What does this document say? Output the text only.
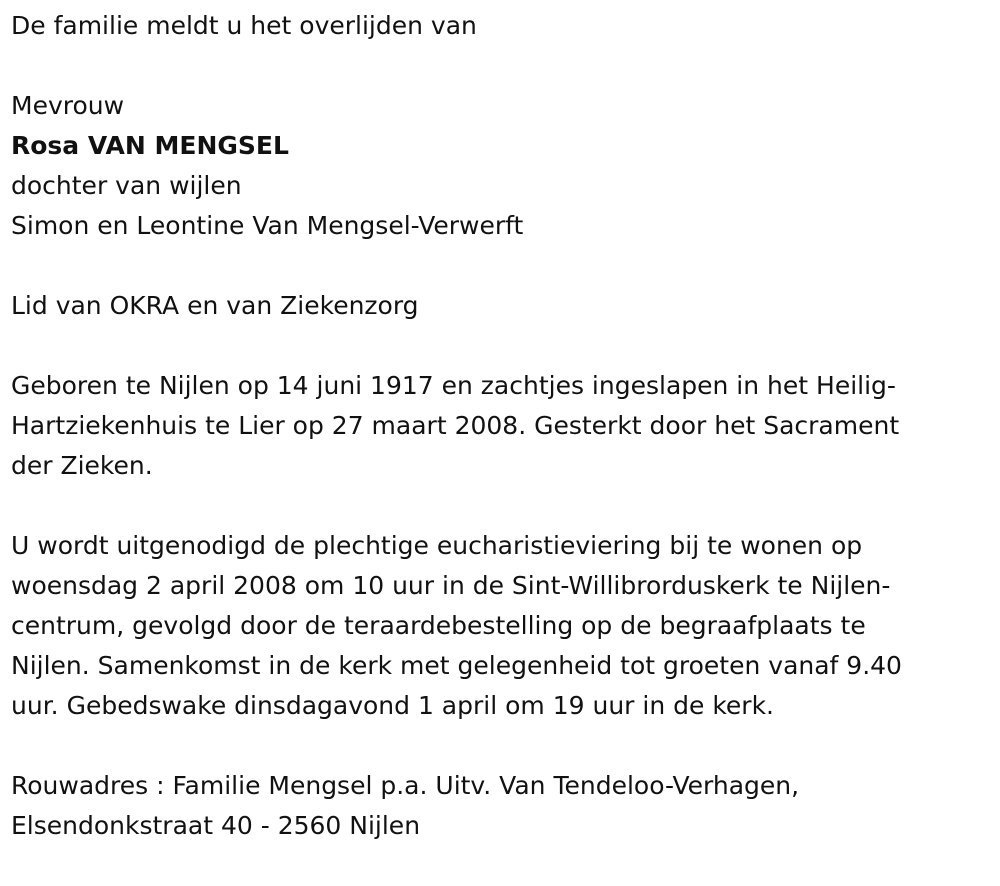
De familie meldt u het overlijden van
Mevrouw
Rosa VAN MENGSEL
dochter van wijlen
Simon en Leontine Van Mengsel-Verwerft
Lid van OKRA en van Ziekenzorg
Geboren te Nijlen op 14 juni 1917 en zachtjes ingeslapen in het Heilig-
Hartziekenhuis te Lier op 27 maart 2008. Gesterkt door het Sacrament
der Zieken.
U wordt uitgenodigd de plechtige eucharistieviering bij te wonen op
woensdag 2 april 2008 om 10 uur in de Sint-Willibrorduskerk te Nijlen-
centrum, gevolgd door de teraardebestelling op de begraafplaats te
Nijlen. Samenkomst in de kerk met gelegenheid tot groeten vanaf 9.40
uur. Gebedswake dinsdagavond 1 april om 19 uur in de kerk.
Rouwadres : Familie Mengsel p.a. Uitv. Van Tendeloo-Verhagen,
Elsendonkstraat 40 - 2560 Nijlen
